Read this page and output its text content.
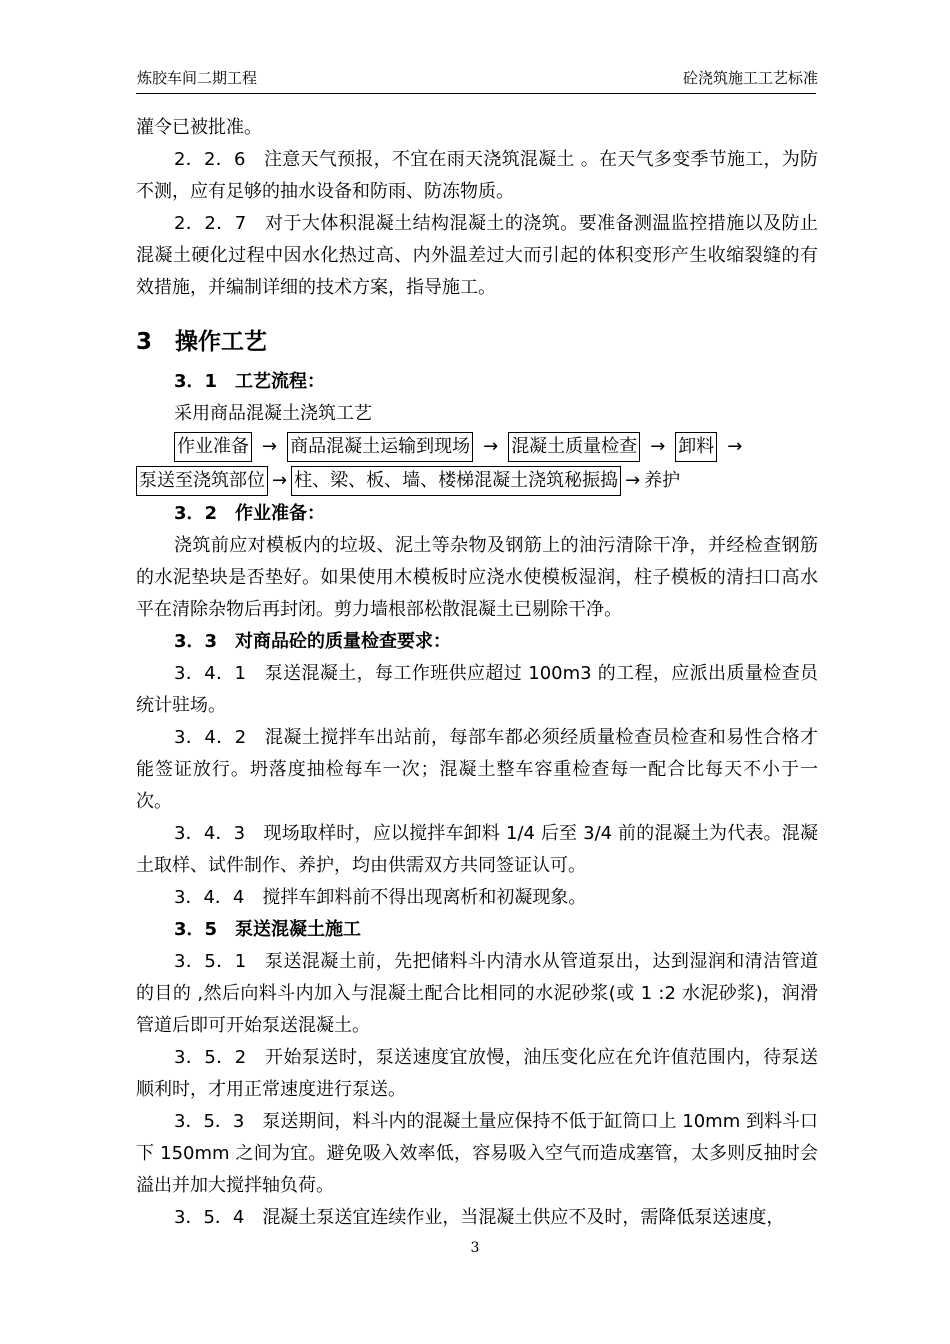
炼胶车间二期工程	砼浇筑施工工艺标准

灌令已被批准。

2．2．6　注意天气预报，不宜在雨天浇筑混凝土 。在天气多变季节施工，为防不测，应有足够的抽水设备和防雨、防冻物质。

2．2．7　对于大体积混凝土结构混凝土的浇筑。要准备测温监控措施以及防止混凝土硬化过程中因水化热过高、内外温差过大而引起的体积变形产生收缩裂缝的有效措施，并编制详细的技术方案，指导施工。

3　操作工艺

3．1　工艺流程：

采用商品混凝土浇筑工艺

作业准备 → 商品混凝土运输到现场 → 混凝土质量检查 → 卸料 →
泵送至浇筑部位 → 柱、梁、板、墙、楼梯混凝土浇筑秘振捣 → 养护

3．2　作业准备：

浇筑前应对模板内的垃圾、泥土等杂物及钢筋上的油污清除干净，并经检查钢筋的水泥垫块是否垫好。如果使用木模板时应浇水使模板湿润，柱子模板的清扫口高水平在清除杂物后再封闭。剪力墙根部松散混凝土已剔除干净。

3．3　对商品砼的质量检查要求：

3．4．1　泵送混凝土，每工作班供应超过 100m3 的工程，应派出质量检查员统计驻场。

3．4．2　混凝土搅拌车出站前，每部车都必须经质量检查员检查和易性合格才能签证放行。坍落度抽检每车一次；混凝土整车容重检查每一配合比每天不小于一次。

3．4．3　现场取样时，应以搅拌车卸料 1/4 后至 3/4 前的混凝土为代表。混凝土取样、试件制作、养护，均由供需双方共同签证认可。

3．4．4　搅拌车卸料前不得出现离析和初凝现象。

3．5　泵送混凝土施工

3．5．1　泵送混凝土前，先把储料斗内清水从管道泵出，达到湿润和清洁管道的目的 ,然后向料斗内加入与混凝土配合比相同的水泥砂浆(或 1 :2 水泥砂浆)，润滑管道后即可开始泵送混凝土。

3．5．2　开始泵送时，泵送速度宜放慢，油压变化应在允许值范围内，待泵送顺利时，才用正常速度进行泵送。

3．5．3　泵送期间，料斗内的混凝土量应保持不低于缸筒口上 10mm 到料斗口下 150mm 之间为宜。避免吸入效率低，容易吸入空气而造成塞管，太多则反抽时会溢出并加大搅拌轴负荷。

3．5．4　混凝土泵送宜连续作业，当混凝土供应不及时，需降低泵送速度，

3
